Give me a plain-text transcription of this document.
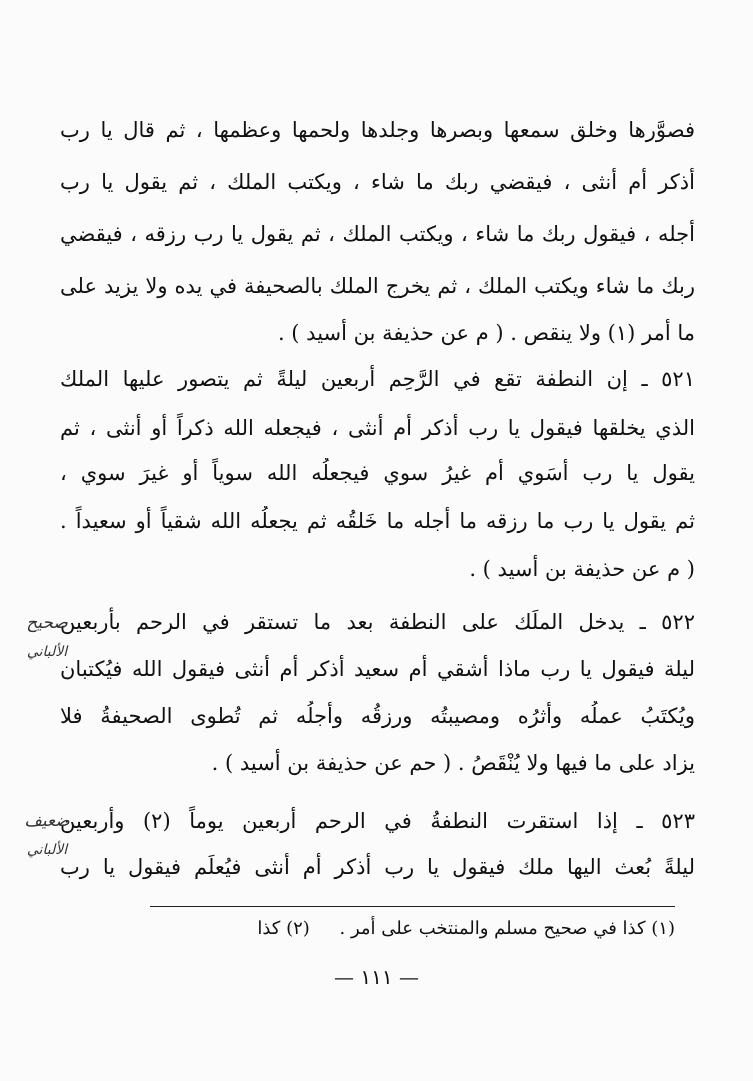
فصوَّرها وخلق سمعها وبصرها وجلدها ولحمها وعظمها ، ثم قال يا رب
أذكر أم أنثى ، فيقضي ربك ما شاء ، ويكتب الملك ، ثم يقول يا رب
أجله ، فيقول ربك ما شاء ، ويكتب الملك ، ثم يقول يا رب رزقه ، فيقضي
ربك ما شاء ويكتب الملك ، ثم يخرج الملك بالصحيفة في يده ولا يزيد على
ما أمر (١) ولا ينقص . ( م عن حذيفة بن أسيد ) .
٥٢١ ـ إن النطفة تقع في الرَّحِم أربعين ليلةً ثم يتصور عليها الملك
الذي يخلقها فيقول يا رب أذكر أم أنثى ، فيجعله الله ذكراً أو أنثى ، ثم
يقول يا رب أسَوي أم غيرُ سوي فيجعلُه الله سوياً أو غيرَ سوي ،
ثم يقول يا رب ما رزقه ما أجله ما خَلقُه ثم يجعلُه الله شقياً أو سعيداً .
( م عن حذيفة بن أسيد ) .
٥٢٢ ـ يدخل الملَك على النطفة بعد ما تستقر في الرحم بأربعين
ليلة فيقول يا رب ماذا أشقي أم سعيد أذكر أم أنثى فيقول الله فيُكتبان
ويُكتَبُ عملُه وأثرُه ومصيبتُه ورزقُه وأجلُه ثم تُطوى الصحيفةُ فلا
يزاد على ما فيها ولا يُنْقَصُ . ( حم عن حذيفة بن أسيد ) .
٥٢٣ ـ إذا استقرت النطفةُ في الرحم أربعين يوماً (٢) وأربعين
ليلةً بُعث اليها ملك فيقول يا رب أذكر أم أنثى فيُعلَم فيقول يا رب
صحيح
الألباني
ضعيف
الألباني
(١) كذا في صحيح مسلم والمنتخب على أمر . (٢) كذا
— ١١١ —
